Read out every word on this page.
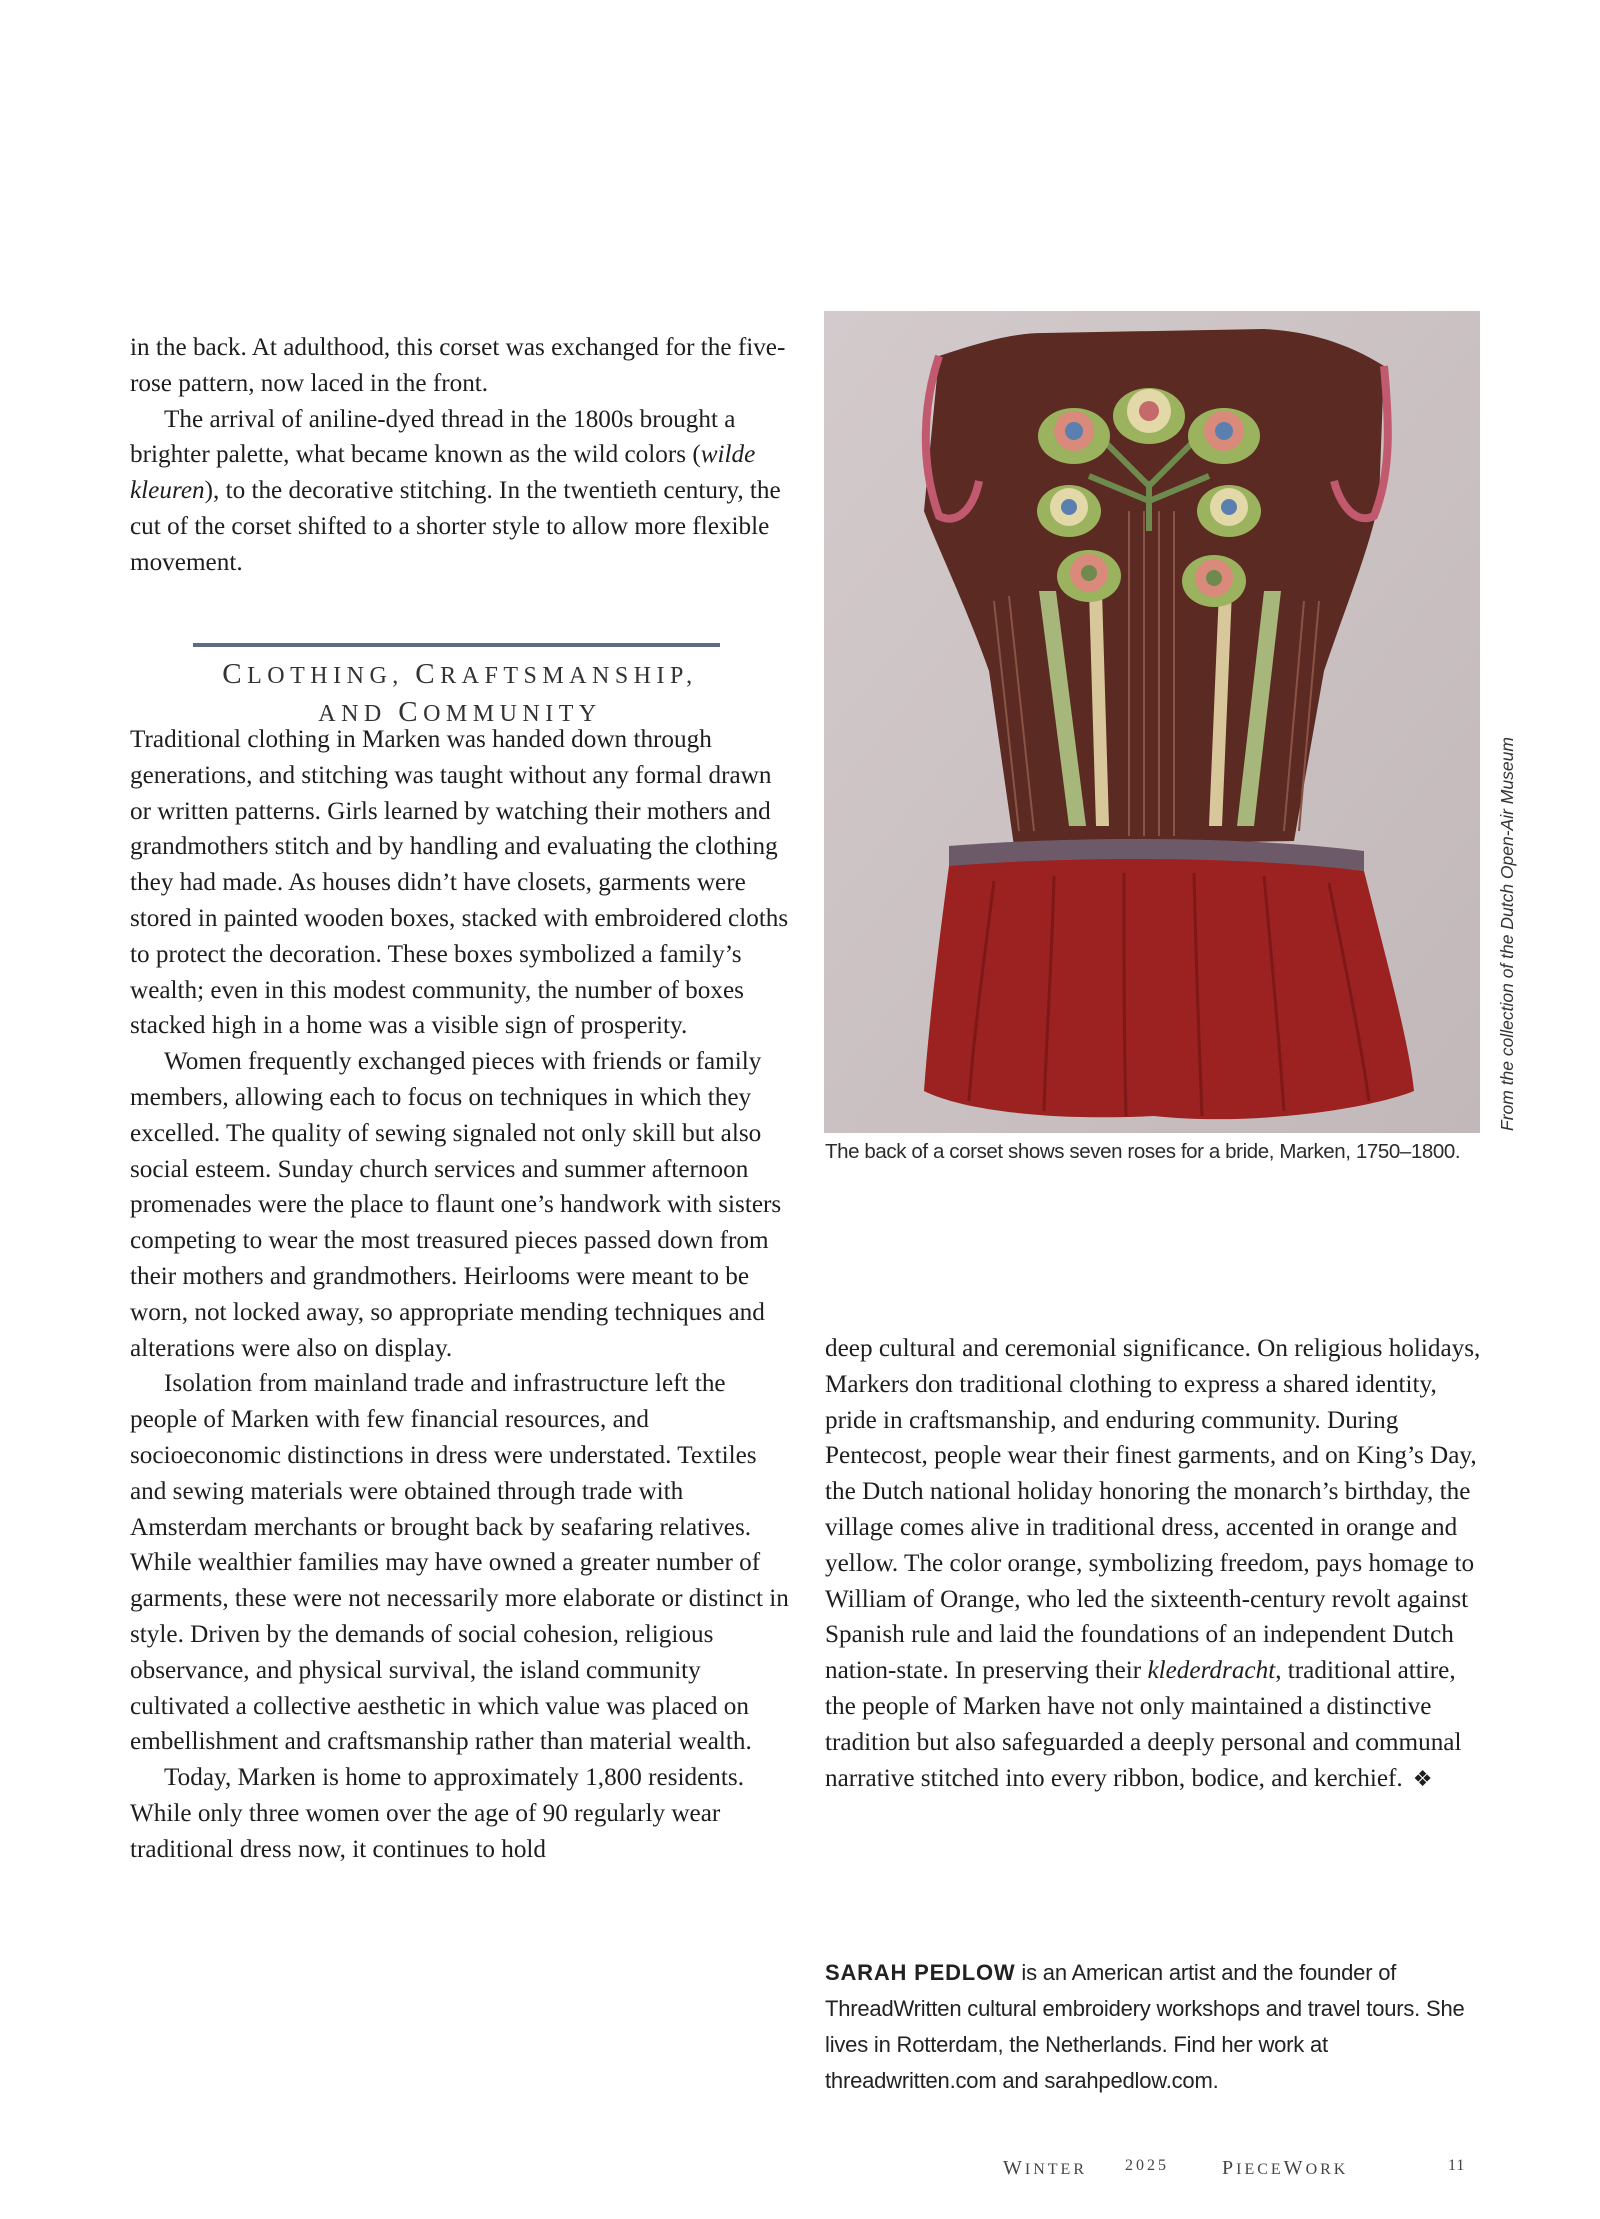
in the back. At adulthood, this corset was exchanged for the five-rose pattern, now laced in the front.

The arrival of aniline-dyed thread in the 1800s brought a brighter palette, what became known as the wild colors (wilde kleuren), to the decorative stitching. In the twentieth century, the cut of the corset shifted to a shorter style to allow more flexible movement.

CLOTHING, CRAFTSMANSHIP,
AND COMMUNITY

Traditional clothing in Marken was handed down through generations, and stitching was taught without any formal drawn or written patterns. Girls learned by watching their mothers and grandmothers stitch and by handling and evaluating the clothing they had made. As houses didn’t have closets, garments were stored in painted wooden boxes, stacked with embroidered cloths to protect the decoration. These boxes symbolized a family’s wealth; even in this modest community, the number of boxes stacked high in a home was a visible sign of prosperity.

Women frequently exchanged pieces with friends or family members, allowing each to focus on techniques in which they excelled. The quality of sewing signaled not only skill but also social esteem. Sunday church services and summer afternoon promenades were the place to flaunt one’s handwork with sisters competing to wear the most treasured pieces passed down from their mothers and grandmothers. Heirlooms were meant to be worn, not locked away, so appropriate mending techniques and alterations were also on display.

Isolation from mainland trade and infrastructure left the people of Marken with few financial resources, and socioeconomic distinctions in dress were understated. Textiles and sewing materials were obtained through trade with Amsterdam merchants or brought back by seafaring relatives. While wealthier families may have owned a greater number of garments, these were not necessarily more elaborate or distinct in style. Driven by the demands of social cohesion, religious observance, and physical survival, the island community cultivated a collective aesthetic in which value was placed on embellishment and craftsmanship rather than material wealth.

Today, Marken is home to approximately 1,800 residents. While only three women over the age of 90 regularly wear traditional dress now, it continues to hold

From the collection of the Dutch Open-Air Museum
The back of a corset shows seven roses for a bride, Marken, 1750–1800.

deep cultural and ceremonial significance. On religious holidays, Markers don traditional clothing to express a shared identity, pride in craftsmanship, and enduring community. During Pentecost, people wear their finest garments, and on King’s Day, the Dutch national holiday honoring the monarch’s birthday, the village comes alive in traditional dress, accented in orange and yellow. The color orange, symbolizing freedom, pays homage to William of Orange, who led the sixteenth-century revolt against Spanish rule and laid the foundations of an independent Dutch nation-state. In preserving their klederdracht, traditional attire, the people of Marken have not only maintained a distinctive tradition but also safeguarded a deeply personal and communal narrative stitched into every ribbon, bodice, and kerchief. ❖

SARAH PEDLOW is an American artist and the founder of ThreadWritten cultural embroidery workshops and travel tours. She lives in Rotterdam, the Netherlands. Find her work at threadwritten.com and sarahpedlow.com.

WINTER 2025	PIECEWORK	11
